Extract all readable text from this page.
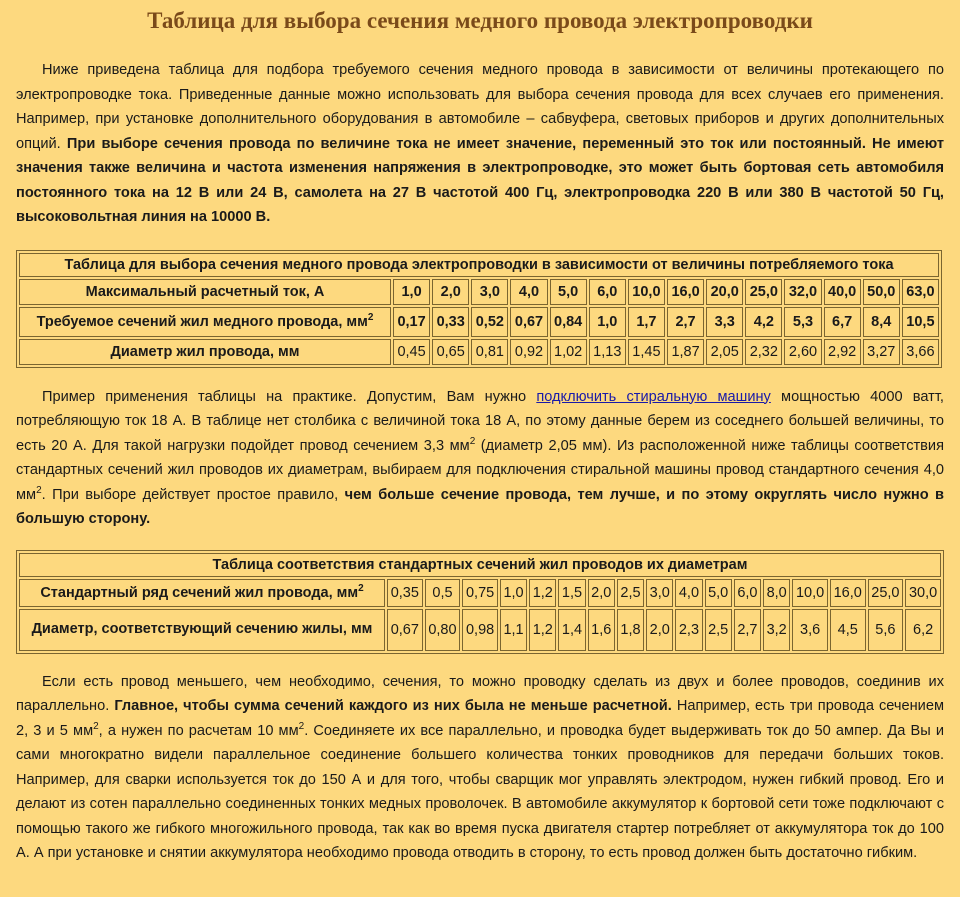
Таблица для выбора сечения медного провода электропроводки

Ниже приведена таблица для подбора требуемого сечения медного провода в зависимости от величины протекающего по электропроводке тока. Приведенные данные можно использовать для выбора сечения провода для всех случаев его применения. Например, при установке дополнительного оборудования в автомобиле – сабвуфера, световых приборов и других дополнительных опций. При выборе сечения провода по величине тока не имеет значение, переменный это ток или постоянный. Не имеют значения также величина и частота изменения напряжения в электропроводке, это может быть бортовая сеть автомобиля постоянного тока на 12 В или 24 В, самолета на 27 В частотой 400 Гц, электропроводка 220 В или 380 В частотой 50 Гц, высоковольтная линия на 10000 В.

Таблица для выбора сечения медного провода электропроводки в зависимости от величины потребляемого тока														
Максимальный расчетный ток, А	1,0	2,0	3,0	4,0	5,0	6,0	10,0	16,0	20,0	25,0	32,0	40,0	50,0	63,0
Требуемое сечений жил медного провода, $мм^2$	0,17	0,33	0,52	0,67	0,84	1,0	1,7	2,7	3,3	4,2	5,3	6,7	8,4	10,5
Диаметр жил провода, мм	0,45	0,65	0,81	0,92	1,02	1,13	1,45	1,87	2,05	2,32	2,60	2,92	3,27	3,66

Пример применения таблицы на практике. Допустим, Вам нужно подключить стиральную машину мощностью 4000 ватт, потребляющую ток 18 А. В таблице нет столбика с величиной тока 18 А, по этому данные берем из соседнего большей величины, то есть 20 А. Для такой нагрузки подойдет провод сечением 3,3 $мм^2$ (диаметр 2,05 мм). Из расположенной ниже таблицы соответствия стандартных сечений жил проводов их диаметрам, выбираем для подключения стиральной машины провод стандартного сечения 4,0 $мм^2$. При выборе действует простое правило, чем больше сечение провода, тем лучше, и по этому округлять число нужно в большую сторону.

Таблица соответствия стандартных сечений жил проводов их диаметрам																	
Стандартный ряд сечений жил провода, $мм^2$	0,35	0,5	0,75	1,0	1,2	1,5	2,0	2,5	3,0	4,0	5,0	6,0	8,0	10,0	16,0	25,0	30,0
Диаметр, соответствующий сечению жилы, мм	0,67	0,80	0,98	1,1	1,2	1,4	1,6	1,8	2,0	2,3	2,5	2,7	3,2	3,6	4,5	5,6	6,2

Если есть провод меньшего, чем необходимо, сечения, то можно проводку сделать из двух и более проводов, соединив их параллельно. Главное, чтобы сумма сечений каждого из них была не меньше расчетной. Например, есть три провода сечением 2, 3 и 5 $мм^2$, а нужен по расчетам 10 $мм^2$. Соединяете их все параллельно, и проводка будет выдерживать ток до 50 ампер. Да Вы и сами многократно видели параллельное соединение большего количества тонких проводников для передачи больших токов. Например, для сварки используется ток до 150 А и для того, чтобы сварщик мог управлять электродом, нужен гибкий провод. Его и делают из сотен параллельно соединенных тонких медных проволочек. В автомобиле аккумулятор к бортовой сети тоже подключают с помощью такого же гибкого многожильного провода, так как во время пуска двигателя стартер потребляет от аккумулятора ток до 100 А. А при установке и снятии аккумулятора необходимо провода отводить в сторону, то есть провод должен быть достаточно гибким.
